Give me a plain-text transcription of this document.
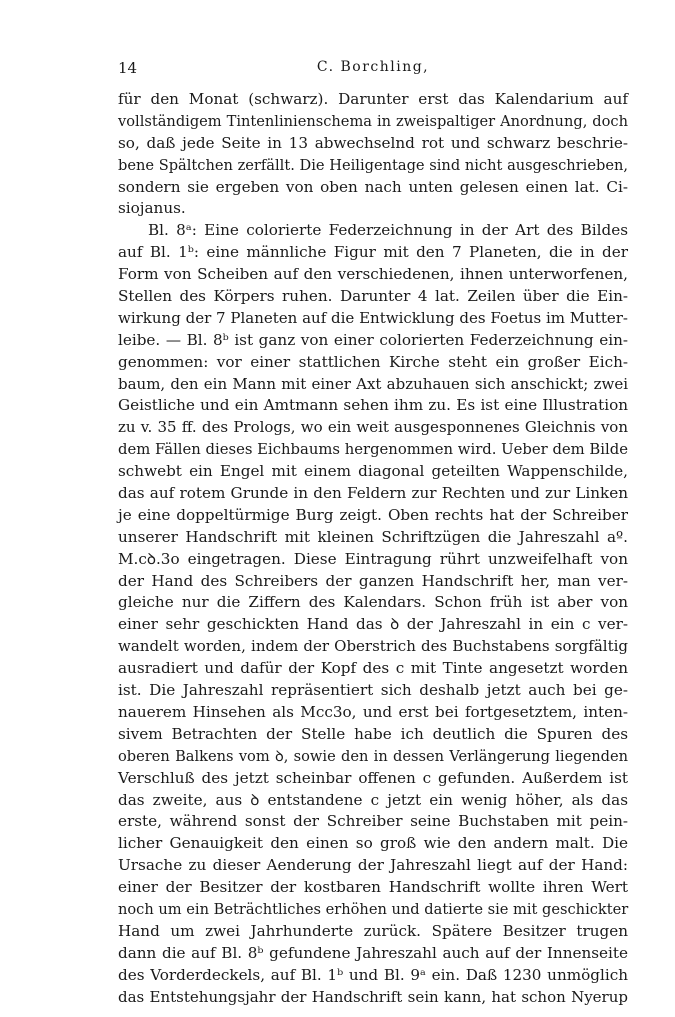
14	C. Borchling,
für den Monat (schwarz). Darunter erst das Kalendarium auf
vollständigem Tintenlinienschema in zweispaltiger Anordnung, doch
so, daß jede Seite in 13 abwechselnd rot und schwarz beschrie-
bene Spältchen zerfällt. Die Heiligentage sind nicht ausgeschrieben,
sondern sie ergeben von oben nach unten gelesen einen lat. Ci-
siojanus.
Bl. 8ᵃ: Eine colorierte Federzeichnung in der Art des Bildes
auf Bl. 1ᵇ: eine männliche Figur mit den 7 Planeten, die in der
Form von Scheiben auf den verschiedenen, ihnen unterworfenen,
Stellen des Körpers ruhen. Darunter 4 lat. Zeilen über die Ein-
wirkung der 7 Planeten auf die Entwicklung des Foetus im Mutter-
leibe. — Bl. 8ᵇ ist ganz von einer colorierten Federzeichnung ein-
genommen: vor einer stattlichen Kirche steht ein großer Eich-
baum, den ein Mann mit einer Axt abzuhauen sich anschickt; zwei
Geistliche und ein Amtmann sehen ihm zu. Es ist eine Illustration
zu v. 35 ff. des Prologs, wo ein weit ausgesponnenes Gleichnis von
dem Fällen dieses Eichbaums hergenommen wird. Ueber dem Bilde
schwebt ein Engel mit einem diagonal geteilten Wappenschilde,
das auf rotem Grunde in den Feldern zur Rechten und zur Linken
je eine doppeltürmige Burg zeigt. Oben rechts hat der Schreiber
unserer Handschrift mit kleinen Schriftzügen die Jahreszahl aº.
M.cꝺ.3o eingetragen. Diese Eintragung rührt unzweifelhaft von
der Hand des Schreibers der ganzen Handschrift her, man ver-
gleiche nur die Ziffern des Kalendars. Schon früh ist aber von
einer sehr geschickten Hand das ꝺ der Jahreszahl in ein c ver-
wandelt worden, indem der Oberstrich des Buchstabens sorgfältig
ausradiert und dafür der Kopf des c mit Tinte angesetzt worden
ist. Die Jahreszahl repräsentiert sich deshalb jetzt auch bei ge-
nauerem Hinsehen als Mcc3o, und erst bei fortgesetztem, inten-
sivem Betrachten der Stelle habe ich deutlich die Spuren des
oberen Balkens vom ꝺ, sowie den in dessen Verlängerung liegenden
Verschluß des jetzt scheinbar offenen c gefunden. Außerdem ist
das zweite, aus ꝺ entstandene c jetzt ein wenig höher, als das
erste, während sonst der Schreiber seine Buchstaben mit pein-
licher Genauigkeit den einen so groß wie den andern malt. Die
Ursache zu dieser Aenderung der Jahreszahl liegt auf der Hand:
einer der Besitzer der kostbaren Handschrift wollte ihren Wert
noch um ein Beträchtliches erhöhen und datierte sie mit geschickter
Hand um zwei Jahrhunderte zurück. Spätere Besitzer trugen
dann die auf Bl. 8ᵇ gefundene Jahreszahl auch auf der Innenseite
des Vorderdeckels, auf Bl. 1ᵇ und Bl. 9ᵃ ein. Daß 1230 unmöglich
das Entstehungsjahr der Handschrift sein kann, hat schon Nyerup
